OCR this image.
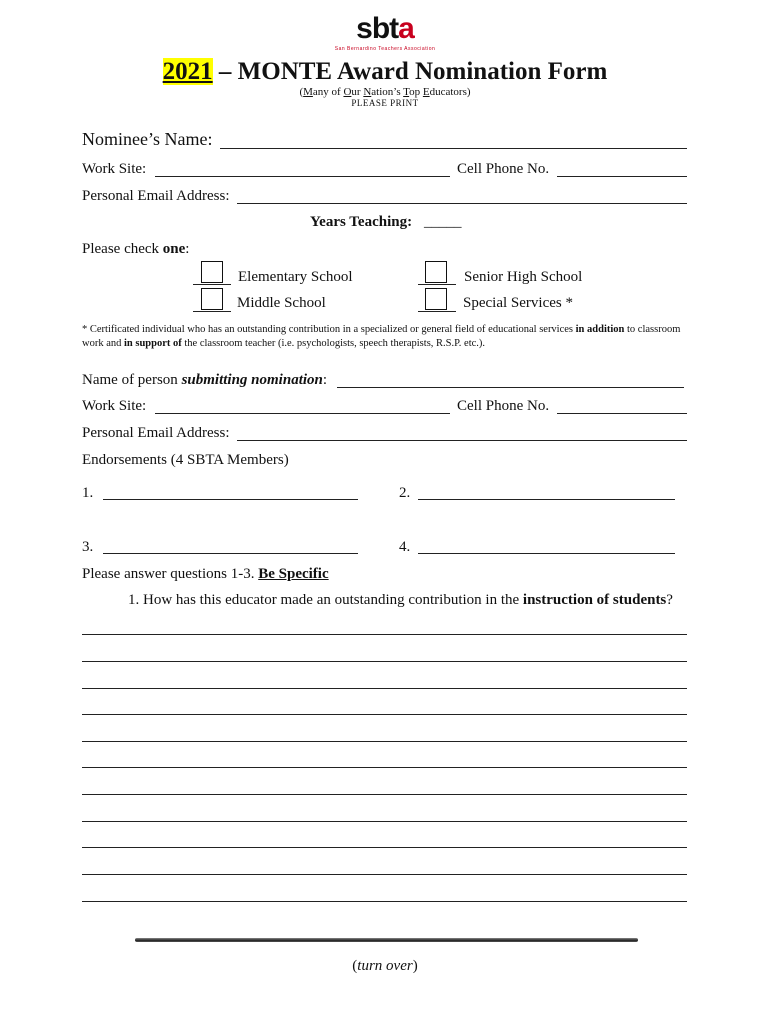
sbta
San Bernardino Teachers Association
2021 – MONTE Award Nomination Form
(Many of Our Nation’s Top Educators)
PLEASE PRINT
Nominee’s Name:
Work Site:	Cell Phone No.
Personal Email Address:
Years Teaching: _____
Please check one:
Elementary School	Senior High School
Middle School	Special Services *
* Certificated individual who has an outstanding contribution in a specialized or general field of educational services in addition to classroom work and in support of the classroom teacher (i.e. psychologists, speech therapists, R.S.P. etc.).
Name of person submitting nomination:
Work Site:	Cell Phone No.
Personal Email Address:
Endorsements (4 SBTA Members)
1.	2.
3.	4.
Please answer questions 1-3. Be Specific
1. How has this educator made an outstanding contribution in the instruction of students?
(turn over)
